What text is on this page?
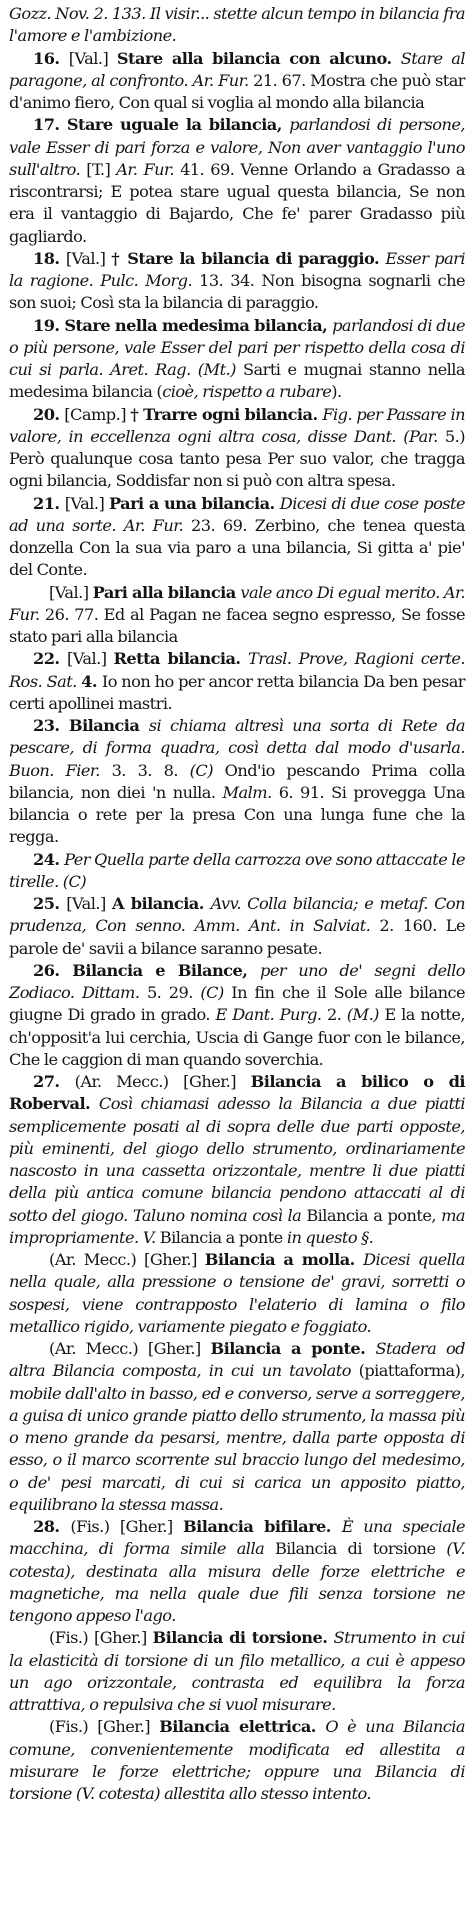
Gozz. Nov. 2. 133. Il visir... stette alcun tempo in bilancia fra l'amore e l'ambizione.

16. [Val.] Stare alla bilancia con alcuno. Stare al paragone, al confronto. Ar. Fur. 21. 67. Mostra che può star d'animo fiero, Con qual si voglia al mondo alla bilancia

17. Stare uguale la bilancia, parlandosi di persone, vale Esser di pari forza e valore, Non aver vantaggio l'uno sull'altro. [T.] Ar. Fur. 41. 69. Venne Orlando a Gradasso a riscontrarsi; E potea stare ugual questa bilancia, Se non era il vantaggio di Bajardo, Che fe' parer Gradasso più gagliardo.

18. [Val.] † Stare la bilancia di paraggio. Esser pari la ragione. Pulc. Morg. 13. 34. Non bisogna sognarli che son suoi; Così sta la bilancia di paraggio.

19. Stare nella medesima bilancia, parlandosi di due o più persone, vale Esser del pari per rispetto della cosa di cui si parla. Aret. Rag. (Mt.) Sarti e mugnai stanno nella medesima bilancia (cioè, rispetto a rubare).

20. [Camp.] † Trarre ogni bilancia. Fig. per Passare in valore, in eccellenza ogni altra cosa, disse Dant. (Par. 5.) Però qualunque cosa tanto pesa Per suo valor, che tragga ogni bilancia, Soddisfar non si può con altra spesa.

21. [Val.] Pari a una bilancia. Dicesi di due cose poste ad una sorte. Ar. Fur. 23. 69. Zerbino, che tenea questa donzella Con la sua via paro a una bilancia, Si gitta a' pie' del Conte.

[Val.] Pari alla bilancia vale anco Di egual merito. Ar. Fur. 26. 77. Ed al Pagan ne facea segno espresso, Se fosse stato pari alla bilancia

22. [Val.] Retta bilancia. Trasl. Prove, Ragioni certe. Ros. Sat. 4. Io non ho per ancor retta bilancia Da ben pesar certi apollinei mastri.

23. Bilancia si chiama altresì una sorta di Rete da pescare, di forma quadra, così detta dal modo d'usarla. Buon. Fier. 3. 3. 8. (C) Ond'io pescando Prima colla bilancia, non diei 'n nulla. Malm. 6. 91. Si provegga Una bilancia o rete per la presa Con una lunga fune che la regga.

24. Per Quella parte della carrozza ove sono attaccate le tirelle. (C)

25. [Val.] A bilancia. Avv. Colla bilancia; e metaf. Con prudenza, Con senno. Amm. Ant. in Salviat. 2. 160. Le parole de' savii a bilance saranno pesate.

26. Bilancia e Bilance, per uno de' segni dello Zodiaco. Dittam. 5. 29. (C) In fin che il Sole alle bilance giugne Di grado in grado. E Dant. Purg. 2. (M.) E la notte, ch'opposit'a lui cerchia, Uscia di Gange fuor con le bilance, Che le caggion di man quando soverchia.

27. (Ar. Mecc.) [Gher.] Bilancia a bilico o di Roberval. Così chiamasi adesso la Bilancia a due piatti semplicemente posati al di sopra delle due parti opposte, più eminenti, del giogo dello strumento, ordinariamente nascosto in una cassetta orizzontale, mentre li due piatti della più antica comune bilancia pendono attaccati al di sotto del giogo. Taluno nomina così la Bilancia a ponte, ma impropriamente. V. Bilancia a ponte in questo §.

(Ar. Mecc.) [Gher.] Bilancia a molla. Dicesi quella nella quale, alla pressione o tensione de' gravi, sorretti o sospesi, viene contrapposto l'elaterio di lamina o filo metallico rigido, variamente piegato e foggiato.

(Ar. Mecc.) [Gher.] Bilancia a ponte. Stadera od altra Bilancia composta, in cui un tavolato (piattaforma), mobile dall'alto in basso, ed e converso, serve a sorreggere, a guisa di unico grande piatto dello strumento, la massa più o meno grande da pesarsi, mentre, dalla parte opposta di esso, o il marco scorrente sul braccio lungo del medesimo, o de' pesi marcati, di cui si carica un apposito piatto, equilibrano la stessa massa.

28. (Fis.) [Gher.] Bilancia bifilare. È una speciale macchina, di forma simile alla Bilancia di torsione (V. cotesta), destinata alla misura delle forze elettriche e magnetiche, ma nella quale due fili senza torsione ne tengono appeso l'ago.

(Fis.) [Gher.] Bilancia di torsione. Strumento in cui la elasticità di torsione di un filo metallico, a cui è appeso un ago orizzontale, contrasta ed equilibra la forza attrattiva, o repulsiva che si vuol misurare.

(Fis.) [Gher.] Bilancia elettrica. O è una Bilancia comune, convenientemente modificata ed allestita a misurare le forze elettriche; oppure una Bilancia di torsione (V. cotesta) allestita allo stesso intento.
